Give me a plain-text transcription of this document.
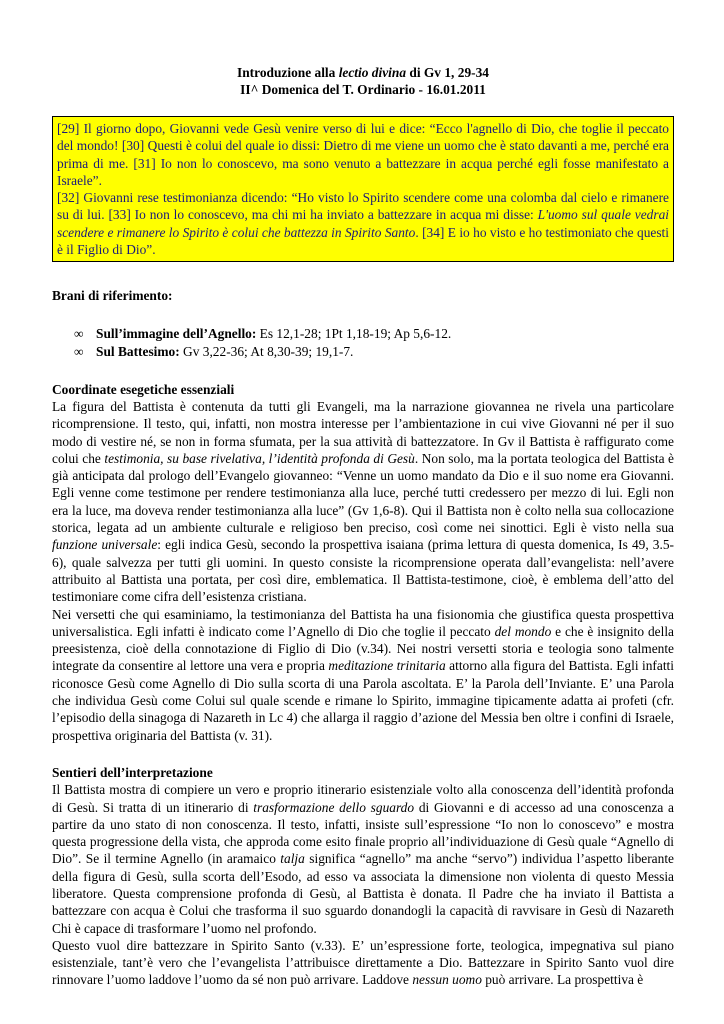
Introduzione alla lectio divina di Gv 1, 29-34
II^ Domenica del T. Ordinario - 16.01.2011

[29] Il giorno dopo, Giovanni vede Gesù venire verso di lui e dice: “Ecco l'agnello di Dio, che toglie il peccato del mondo! [30] Questi è colui del quale io dissi: Dietro di me viene un uomo che è stato davanti a me, perché era prima di me. [31] Io non lo conoscevo, ma sono venuto a battezzare in acqua perché egli fosse manifestato a Israele”.

[32] Giovanni rese testimonianza dicendo: “Ho visto lo Spirito scendere come una colomba dal cielo e rimanere su di lui. [33] Io non lo conoscevo, ma chi mi ha inviato a battezzare in acqua mi disse: L'uomo sul quale vedrai scendere e rimanere lo Spirito è colui che battezza in Spirito Santo. [34] E io ho visto e ho testimoniato che questi è il Figlio di Dio”.

Brani di riferimento:
∞ Sull’immagine dell’Agnello: Es 12,1-28; 1Pt 1,18-19; Ap 5,6-12.
∞ Sul Battesimo: Gv 3,22-36; At 8,30-39; 19,1-7.
Coordinate esegetiche essenziali

La figura del Battista è contenuta da tutti gli Evangeli, ma la narrazione giovannea ne rivela una particolare ricomprensione. Il testo, qui, infatti, non mostra interesse per l’ambientazione in cui vive Giovanni né per il suo modo di vestire né, se non in forma sfumata, per la sua attività di battezzatore. In Gv il Battista è raffigurato come colui che testimonia, su base rivelativa, l’identità profonda di Gesù. Non solo, ma la portata teologica del Battista è già anticipata dal prologo dell’Evangelo giovanneo: “Venne un uomo mandato da Dio e il suo nome era Giovanni. Egli venne come testimone per rendere testimonianza alla luce, perché tutti credessero per mezzo di lui. Egli non era la luce, ma doveva render testimonianza alla luce” (Gv 1,6-8). Qui il Battista non è colto nella sua collocazione storica, legata ad un ambiente culturale e religioso ben preciso, così come nei sinottici. Egli è visto nella sua funzione universale: egli indica Gesù, secondo la prospettiva isaiana (prima lettura di questa domenica, Is 49, 3.5-6), quale salvezza per tutti gli uomini. In questo consiste la ricomprensione operata dall’evangelista: nell’avere attribuito al Battista una portata, per così dire, emblematica. Il Battista-testimone, cioè, è emblema dell’atto del testimoniare come cifra dell’esistenza cristiana.

Nei versetti che qui esaminiamo, la testimonianza del Battista ha una fisionomia che giustifica questa prospettiva universalistica. Egli infatti è indicato come l’Agnello di Dio che toglie il peccato del mondo e che è insignito della preesistenza, cioè della connotazione di Figlio di Dio (v.34). Nei nostri versetti storia e teologia sono talmente integrate da consentire al lettore una vera e propria meditazione trinitaria attorno alla figura del Battista. Egli infatti riconosce Gesù come Agnello di Dio sulla scorta di una Parola ascoltata. E’ la Parola dell’Inviante. E’ una Parola che individua Gesù come Colui sul quale scende e rimane lo Spirito, immagine tipicamente adatta ai profeti (cfr. l’episodio della sinagoga di Nazareth in Lc 4) che allarga il raggio d’azione del Messia ben oltre i confini di Israele, prospettiva originaria del Battista (v. 31).

Sentieri dell’interpretazione

Il Battista mostra di compiere un vero e proprio itinerario esistenziale volto alla conoscenza dell’identità profonda di Gesù. Si tratta di un itinerario di trasformazione dello sguardo di Giovanni e di accesso ad una conoscenza a partire da uno stato di non conoscenza. Il testo, infatti, insiste sull’espressione “Io non lo conoscevo” e mostra questa progressione della vista, che approda come esito finale proprio all’individuazione di Gesù quale “Agnello di Dio”. Se il termine Agnello (in aramaico talja significa “agnello” ma anche “servo”) individua l’aspetto liberante della figura di Gesù, sulla scorta dell’Esodo, ad esso va associata la dimensione non violenta di questo Messia liberatore. Questa comprensione profonda di Gesù, al Battista è donata. Il Padre che ha inviato il Battista a battezzare con acqua è Colui che trasforma il suo sguardo donandogli la capacità di ravvisare in Gesù di Nazareth Chi è capace di trasformare l’uomo nel profondo.

Questo vuol dire battezzare in Spirito Santo (v.33). E’ un’espressione forte, teologica, impegnativa sul piano esistenziale, tant’è vero che l’evangelista l’attribuisce direttamente a Dio. Battezzare in Spirito Santo vuol dire rinnovare l’uomo laddove l’uomo da sé non può arrivare. Laddove nessun uomo può arrivare. La prospettiva è
